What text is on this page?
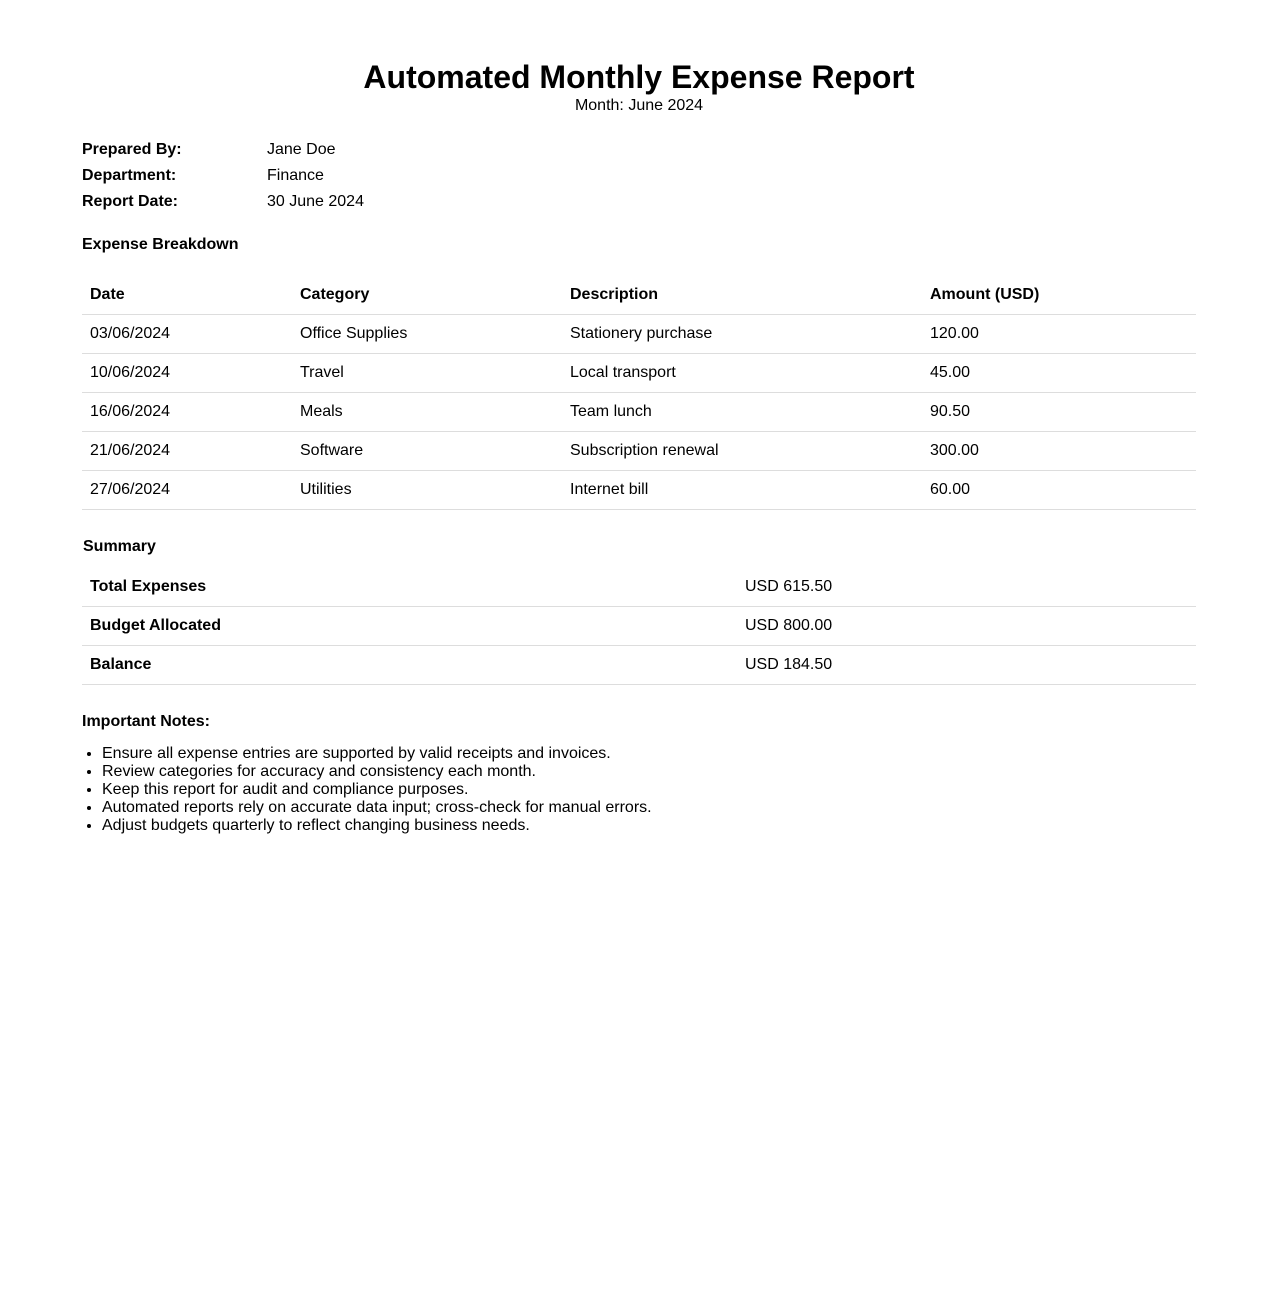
Automated Monthly Expense Report
Month: June 2024
Prepared By:	Jane Doe
Department:	Finance
Report Date:	30 June 2024
Expense Breakdown
Date	Category	Description	Amount (USD)
03/06/2024	Office Supplies	Stationery purchase	120.00
10/06/2024	Travel	Local transport	45.00
16/06/2024	Meals	Team lunch	90.50
21/06/2024	Software	Subscription renewal	300.00
27/06/2024	Utilities	Internet bill	60.00
Summary
Total Expenses	USD 615.50
Budget Allocated	USD 800.00
Balance	USD 184.50
Important Notes:
• Ensure all expense entries are supported by valid receipts and invoices.
• Review categories for accuracy and consistency each month.
• Keep this report for audit and compliance purposes.
• Automated reports rely on accurate data input; cross-check for manual errors.
• Adjust budgets quarterly to reflect changing business needs.
